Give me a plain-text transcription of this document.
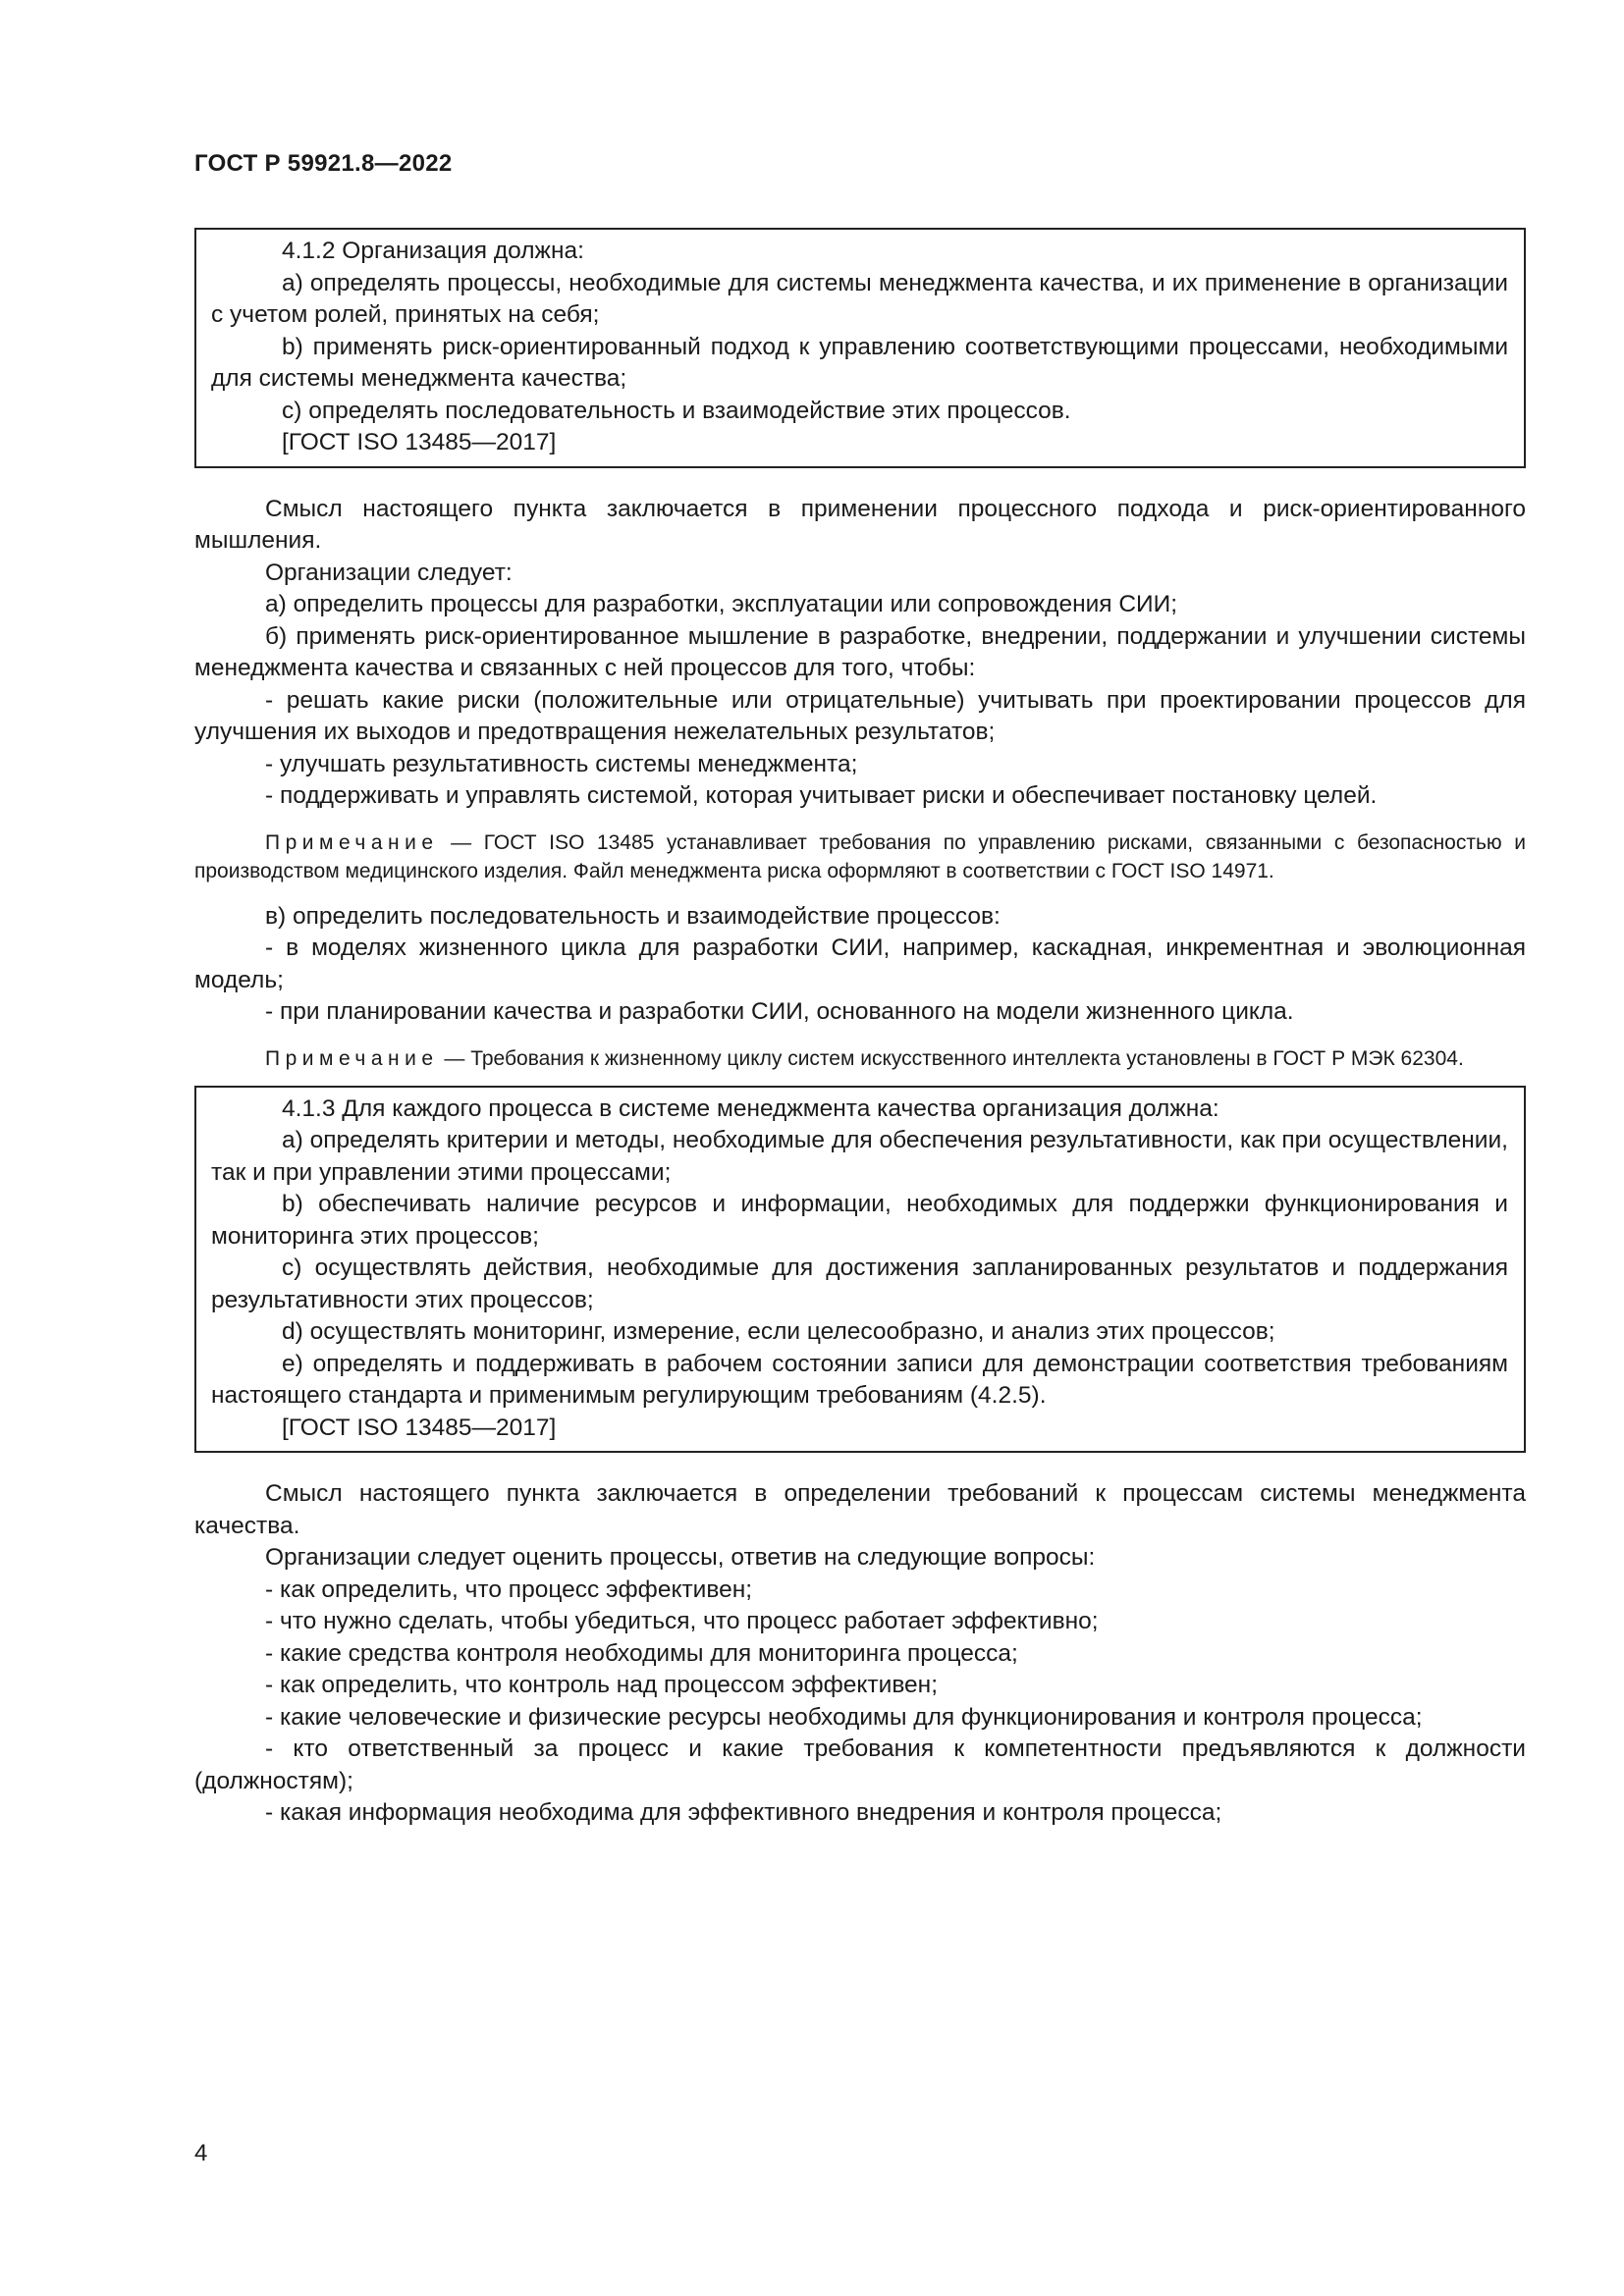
ГОСТ Р 59921.8—2022

4.1.2 Организация должна:

a) определять процессы, необходимые для системы менеджмента качества, и их применение в организации с учетом ролей, принятых на себя;

b) применять риск-ориентированный подход к управлению соответствующими процессами, необходимыми для системы менеджмента качества;

c) определять последовательность и взаимодействие этих процессов.

[ГОСТ ISO 13485—2017]

Смысл настоящего пункта заключается в применении процессного подхода и риск-ориентированного мышления.

Организации следует:

а) определить процессы для разработки, эксплуатации или сопровождения СИИ;

б) применять риск-ориентированное мышление в разработке, внедрении, поддержании и улучшении системы менеджмента качества и связанных с ней процессов для того, чтобы:

- решать какие риски (положительные или отрицательные) учитывать при проектировании процессов для улучшения их выходов и предотвращения нежелательных результатов;

- улучшать результативность системы менеджмента;

- поддерживать и управлять системой, которая учитывает риски и обеспечивает постановку целей.

Примечание — ГОСТ ISO 13485 устанавливает требования по управлению рисками, связанными с безопасностью и производством медицинского изделия. Файл менеджмента риска оформляют в соответствии с ГОСТ ISO 14971.

в) определить последовательность и взаимодействие процессов:

- в моделях жизненного цикла для разработки СИИ, например, каскадная, инкрементная и эволюционная модель;

- при планировании качества и разработки СИИ, основанного на модели жизненного цикла.

Примечание — Требования к жизненному циклу систем искусственного интеллекта установлены в ГОСТ Р МЭК 62304.

4.1.3 Для каждого процесса в системе менеджмента качества организация должна:

a) определять критерии и методы, необходимые для обеспечения результативности, как при осуществлении, так и при управлении этими процессами;

b) обеспечивать наличие ресурсов и информации, необходимых для поддержки функционирования и мониторинга этих процессов;

c) осуществлять действия, необходимые для достижения запланированных результатов и поддержания результативности этих процессов;

d) осуществлять мониторинг, измерение, если целесообразно, и анализ этих процессов;

e) определять и поддерживать в рабочем состоянии записи для демонстрации соответствия требованиям настоящего стандарта и применимым регулирующим требованиям (4.2.5).

[ГОСТ ISO 13485—2017]

Смысл настоящего пункта заключается в определении требований к процессам системы менеджмента качества.

Организации следует оценить процессы, ответив на следующие вопросы:

- как определить, что процесс эффективен;

- что нужно сделать, чтобы убедиться, что процесс работает эффективно;

- какие средства контроля необходимы для мониторинга процесса;

- как определить, что контроль над процессом эффективен;

- какие человеческие и физические ресурсы необходимы для функционирования и контроля процесса;

- кто ответственный за процесс и какие требования к компетентности предъявляются к должности (должностям);

- какая информация необходима для эффективного внедрения и контроля процесса;

4
